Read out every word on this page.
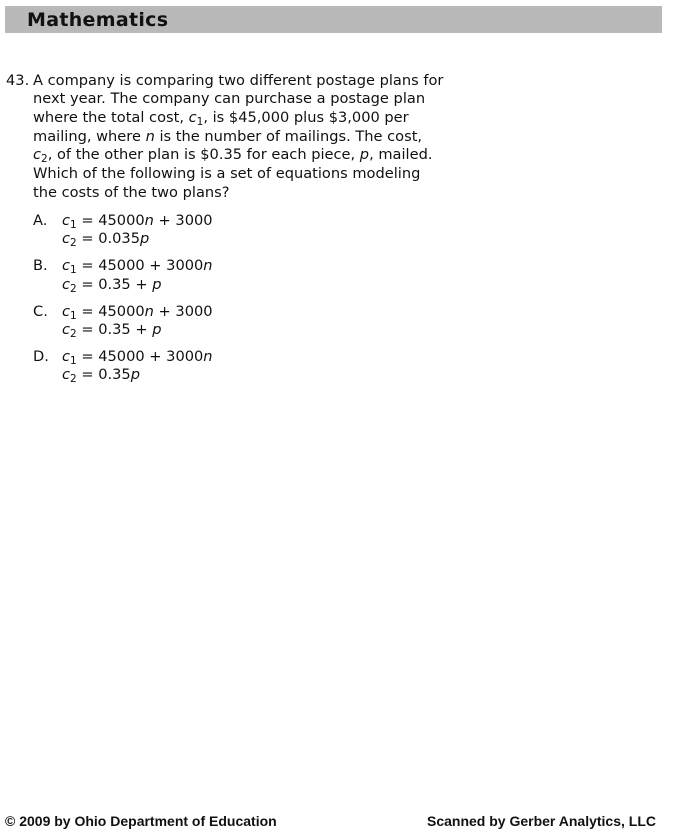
Mathematics
43. A company is comparing two different postage plans for
next year. The company can purchase a postage plan
where the total cost, $c_1$, is $45,000 plus $3,000 per
mailing, where n is the number of mailings. The cost,
$c_2$, of the other plan is $0.35 for each piece, p, mailed.
Which of the following is a set of equations modeling
the costs of the two plans?
A. $c_1 = 45000n + 3000$
$c_2 = 0.035p$
B. $c_1 = 45000 + 3000n$
$c_2 = 0.35 + p$
C. $c_1 = 45000n + 3000$
$c_2 = 0.35 + p$
D. $c_1 = 45000 + 3000n$
$c_2 = 0.35p$
© 2009 by Ohio Department of Education	Scanned by Gerber Analytics, LLC
